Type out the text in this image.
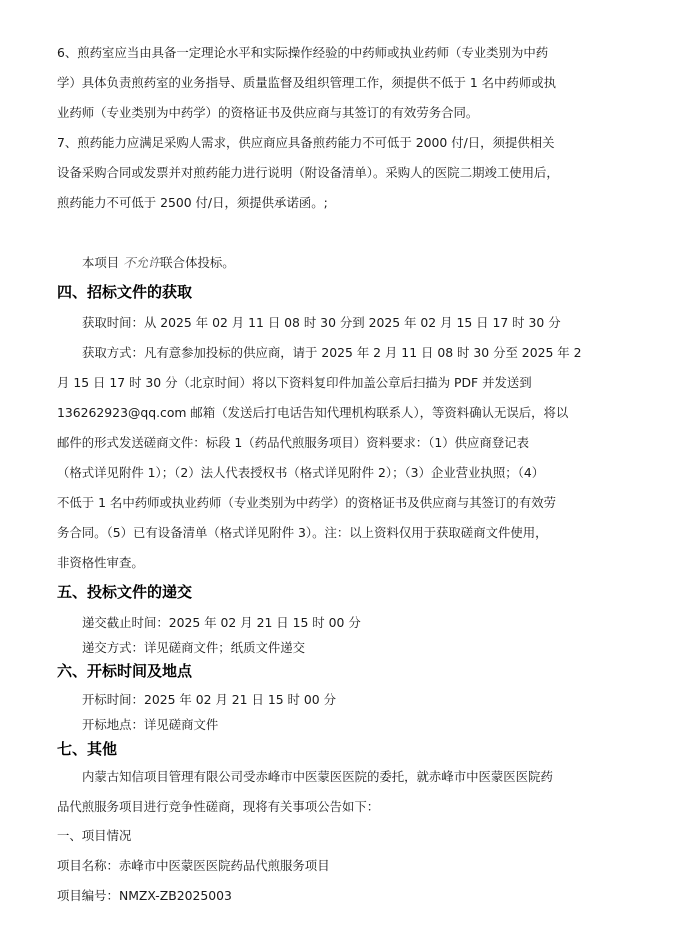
6、煎药室应当由具备一定理论水平和实际操作经验的中药师或执业药师（专业类别为中药
学）具体负责煎药室的业务指导、质量监督及组织管理工作，须提供不低于 1 名中药师或执
业药师（专业类别为中药学）的资格证书及供应商与其签订的有效劳务合同。
7、煎药能力应满足采购人需求，供应商应具备煎药能力不可低于 2000 付/日，须提供相关
设备采购合同或发票并对煎药能力进行说明（附设备清单）。采购人的医院二期竣工使用后，
煎药能力不可低于 2500 付/日，须提供承诺函。;
本项目 不允许联合体投标。
四、招标文件的获取
获取时间：从 2025 年 02 月 11 日 08 时 30 分到 2025 年 02 月 15 日 17 时 30 分
获取方式：凡有意参加投标的供应商，请于 2025 年 2 月 11 日 08 时 30 分至 2025 年 2
月 15 日 17 时 30 分（北京时间）将以下资料复印件加盖公章后扫描为 PDF 并发送到
136262923@qq.com 邮箱（发送后打电话告知代理机构联系人），等资料确认无误后，将以
邮件的形式发送磋商文件：标段 1（药品代煎服务项目）资料要求：（1）供应商登记表
（格式详见附件 1）；（2）法人代表授权书（格式详见附件 2）；（3）企业营业执照；（4）
不低于 1 名中药师或执业药师（专业类别为中药学）的资格证书及供应商与其签订的有效劳
务合同。（5）已有设备清单（格式详见附件 3）。注：以上资料仅用于获取磋商文件使用，
非资格性审查。
五、投标文件的递交
递交截止时间：2025 年 02 月 21 日 15 时 00 分
递交方式：详见磋商文件；纸质文件递交
六、开标时间及地点
开标时间：2025 年 02 月 21 日 15 时 00 分
开标地点：详见磋商文件
七、其他
内蒙古知信项目管理有限公司受赤峰市中医蒙医医院的委托，就赤峰市中医蒙医医院药
品代煎服务项目进行竞争性磋商，现将有关事项公告如下：
一、项目情况
项目名称：赤峰市中医蒙医医院药品代煎服务项目
项目编号：NMZX-ZB2025003
